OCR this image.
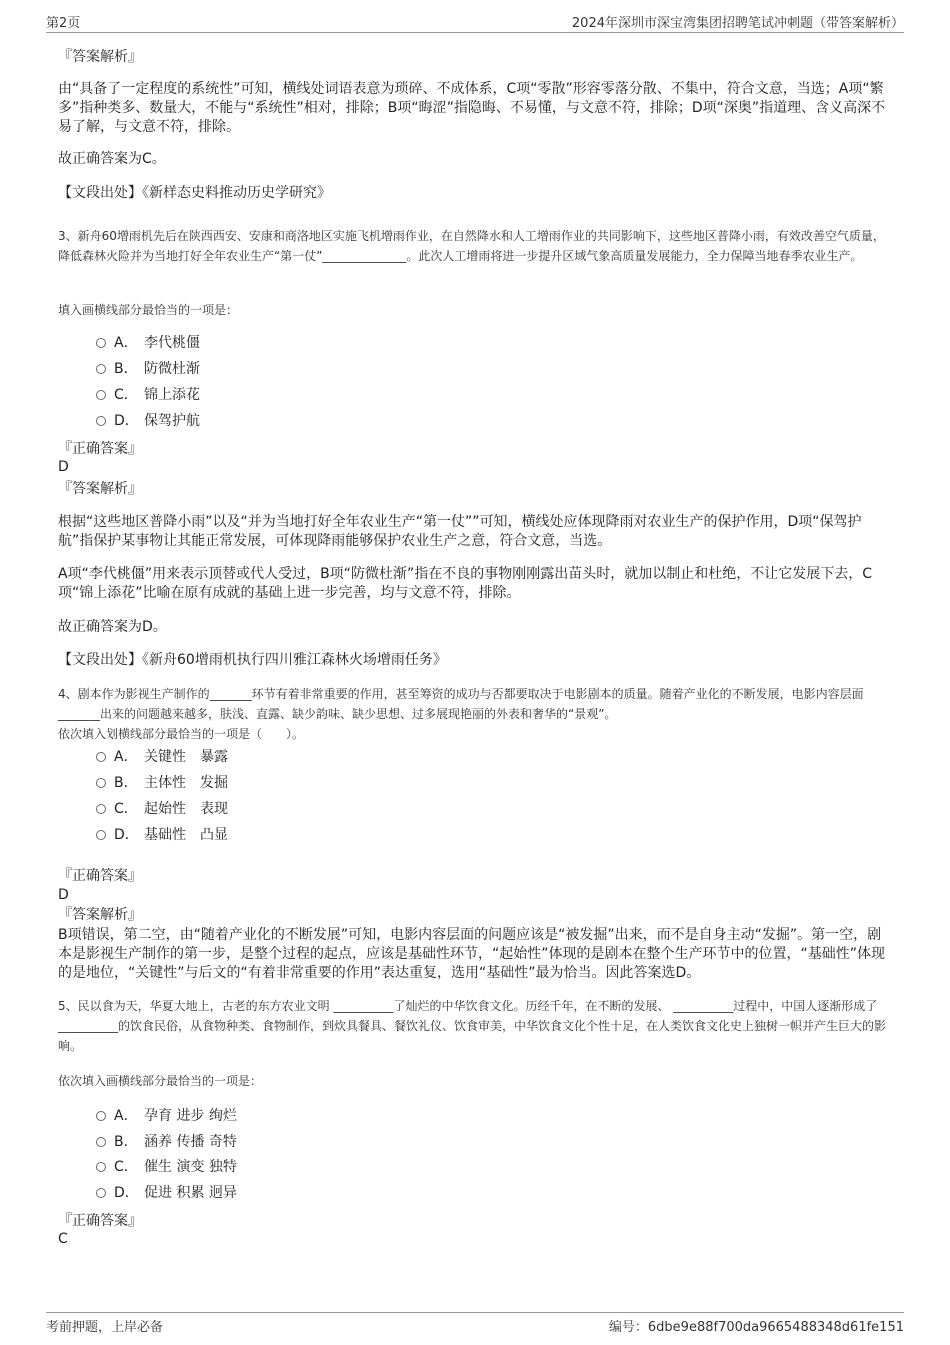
第2页	2024年深圳市深宝湾集团招聘笔试冲刺题（带答案解析）
『答案解析』
由“具备了一定程度的系统性”可知，横线处词语表意为琐碎、不成体系，C项“零散”形容零落分散、不集中，符合文意，当选；A项“繁多”指种类多、数量大，不能与“系统性”相对，排除；B项“晦涩”指隐晦、不易懂，与文意不符，排除；D项“深奥”指道理、含义高深不易了解，与文意不符，排除。
故正确答案为C。
【文段出处】《新样态史料推动历史学研究》
3、新舟60增雨机先后在陕西西安、安康和商洛地区实施飞机增雨作业，在自然降水和人工增雨作业的共同影响下，这些地区普降小雨，有效改善空气质量，降低森林火险并为当地打好全年农业生产“第一仗”______________。此次人工增雨将进一步提升区域气象高质量发展能力，全力保障当地春季农业生产。
填入画横线部分最恰当的一项是：
A． 李代桃僵
B． 防微杜渐
C． 锦上添花
D． 保驾护航
『正确答案』
D
『答案解析』
根据“这些地区普降小雨”以及“并为当地打好全年农业生产“第一仗””可知，横线处应体现降雨对农业生产的保护作用，D项“保驾护航”指保护某事物让其能正常发展，可体现降雨能够保护农业生产之意，符合文意，当选。
A项“李代桃僵”用来表示顶替或代人受过，B项“防微杜渐”指在不良的事物刚刚露出苗头时，就加以制止和杜绝，不让它发展下去，C项“锦上添花”比喻在原有成就的基础上进一步完善，均与文意不符，排除。
故正确答案为D。
【文段出处】《新舟60增雨机执行四川雅江森林火场增雨任务》
4、剧本作为影视生产制作的_______环节有着非常重要的作用，甚至筹资的成功与否都要取决于电影剧本的质量。随着产业化的不断发展，电影内容层面_______出来的问题越来越多，肤浅、直露、缺少韵味、缺少思想、过多展现艳丽的外表和奢华的“景观”。
依次填入划横线部分最恰当的一项是（　　）。
A． 关键性　暴露
B． 主体性　发掘
C． 起始性　表现
D． 基础性　凸显
『正确答案』
D
『答案解析』
B项错误，第二空，由“随着产业化的不断发展”可知，电影内容层面的问题应该是“被发掘”出来，而不是自身主动“发掘”。第一空，剧本是影视生产制作的第一步，是整个过程的起点，应该是基础性环节，“起始性”体现的是剧本在整个生产环节中的位置，“基础性”体现的是地位，“关键性”与后文的“有着非常重要的作用”表达重复，选用“基础性”最为恰当。因此答案选D。
5、民以食为天，华夏大地上，古老的东方农业文明 __________了灿烂的中华饮食文化。历经千年，在不断的发展、 __________过程中，中国人逐渐形成了 __________的饮食民俗，从食物种类、食物制作，到炊具餐具、餐饮礼仪、饮食审美，中华饮食文化个性十足，在人类饮食文化史上独树一帜并产生巨大的影响。
依次填入画横线部分最恰当的一项是：
A． 孕育 进步 绚烂
B． 涵养 传播 奇特
C． 催生 演变 独特
D． 促进 积累 迥异
『正确答案』
C
考前押题，上岸必备	编号：6dbe9e88f700da9665488348d61fe151
